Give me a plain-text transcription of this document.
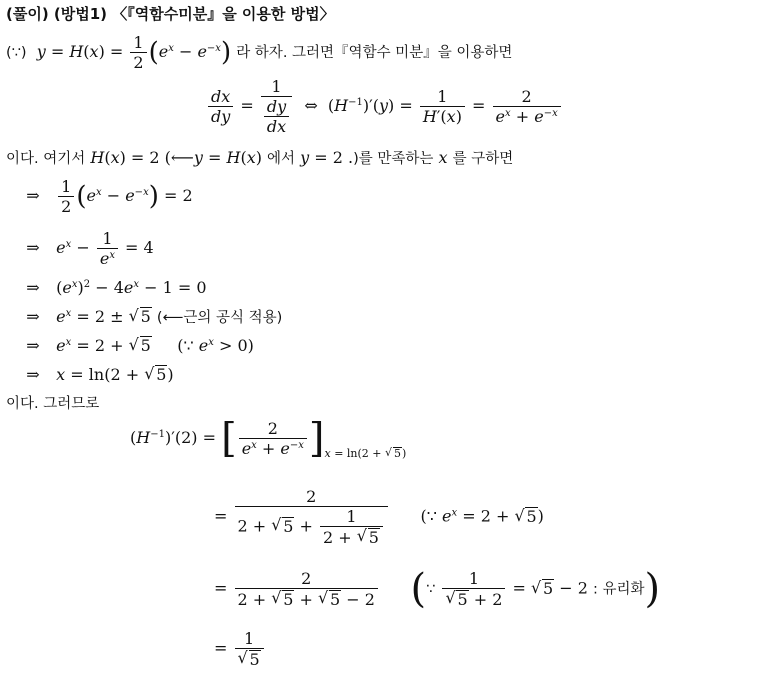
(풀이) (방법1) 〈『역함수미분』을 이용한 방법〉
(∵) $y = H(x) = \frac{1}{2} (e^x - e^{-x})$ 라 하자. 그러면『역함수 미분』을 이용하면
$\frac{dx}{dy} = \frac{1}{\frac{dy}{dx}}$ ⇔  $(H^{-1})'(y) = \frac{1}{H'(x)} = \frac{2}{e^x + e^{-x}}$
이다. 여기서 H(x) = 2 (⟵y = H(x) 에서 y = 2 .)를 만족하는 x 를 구하면
⇒ $\frac{1}{2} (e^x - e^{-x}) = 2$
⇒ $e^x - \frac{1}{e^x} = 4$
⇒  $(e^x)^2 - 4e^x - 1 = 0$
⇒ $e^x = 2$ ± √ 5 (⟵근의 공식 적용)
⇒ $e^x = 2$ + √ 5 (∵ $e^x > 0$)
⇒ x = ln(2 + √ 5)
이다. 그러므로
$(H^{-1})'(2)$ = [ $\frac{2}{e^x + e^{-x}} ]_{x = ln(2 + √ 5)}$
= $\frac{2}{2 + √ 5 + \frac{1}{2 + √ 5}}$ (∵ $e^x = 2$ + √ 5)
= $\frac{2}{2 + √ 5 + √ 5 - 2}$ (∵ 1
√ 5 + 2 = √ 5 − 2 : 유리화)
= 1
√ 5
